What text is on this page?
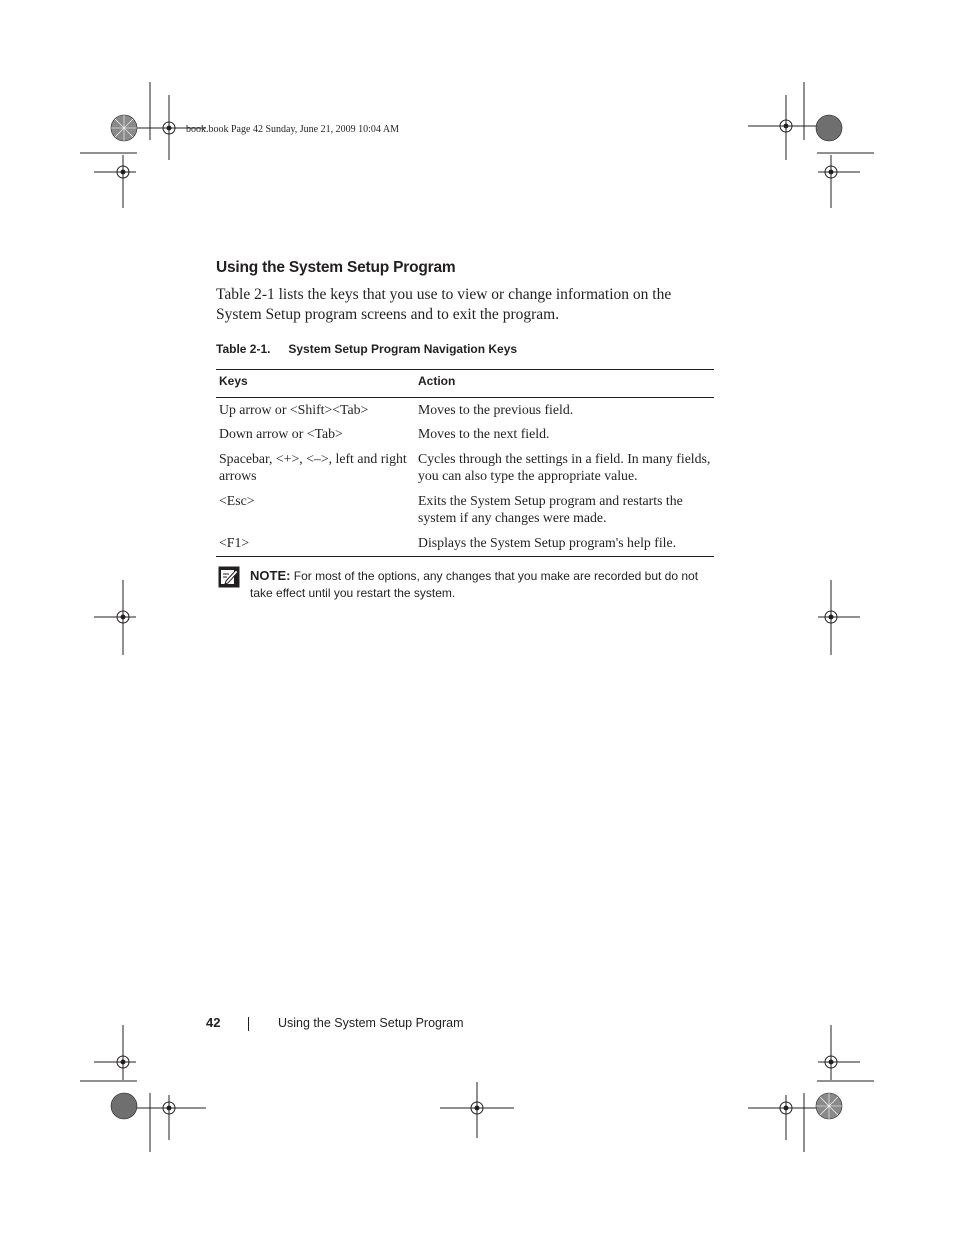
book.book Page 42 Sunday, June 21, 2009 10:04 AM
Using the System Setup Program

Table 2-1 lists the keys that you use to view or change information on the System Setup program screens and to exit the program.

Table 2-1. System Setup Program Navigation Keys
Keys	Action
Up arrow or <Shift><Tab>	Moves to the previous field.
Down arrow or <Tab>	Moves to the next field.
Spacebar, <+>, <–>, left and right arrows	Cycles through the settings in a field. In many fields, you can also type the appropriate value.
<Esc>	Exits the System Setup program and restarts the system if any changes were made.
<F1>	Displays the System Setup program's help file.
NOTE: For most of the options, any changes that you make are recorded but do not take effect until you restart the system.
42	Using the System Setup Program
